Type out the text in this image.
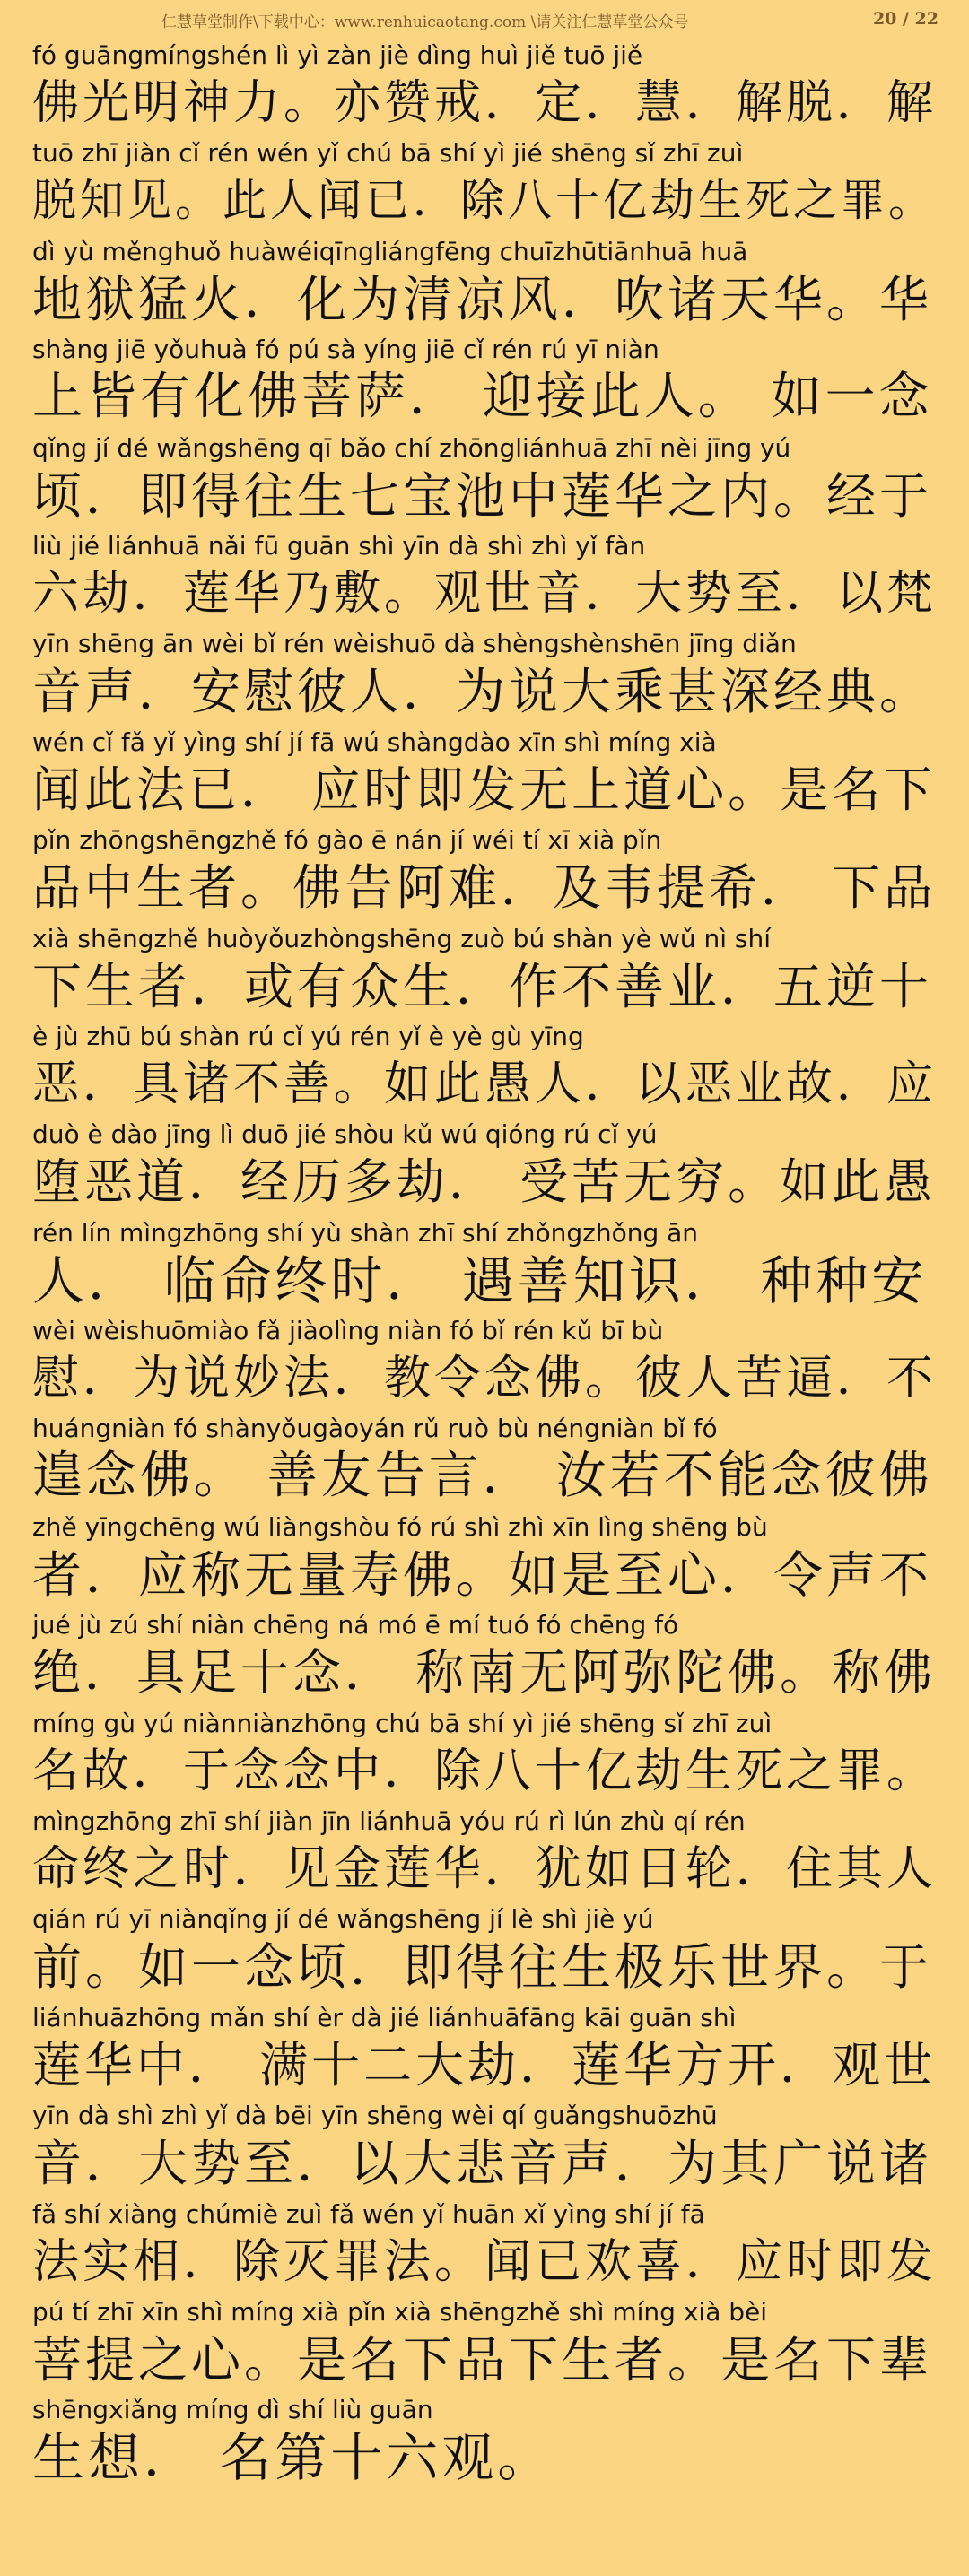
仁慧草堂制作\下载中心：www.renhuicaotang.com \请关注仁慧草堂公众号	20 / 22
fó guāngmíngshén lì yì zàn jiè dìng huì jiě tuō jiě
佛光明神力。亦赞戒．定．慧．解脱．解
tuō zhī jiàn cǐ rén wén yǐ chú bā shí yì jié shēng sǐ zhī zuì
脱知见。此人闻已．除八十亿劫生死之罪。
dì yù měnghuǒ huàwéiqīngliángfēng chuīzhūtiānhuā huā
地狱猛火．化为清凉风．吹诸天华。华
shàng jiē yǒuhuà fó pú sà yíng jiē cǐ rén rú yī niàn
上皆有化佛菩萨． 迎接此人。 如一念
qǐng jí dé wǎngshēng qī bǎo chí zhōngliánhuā zhī nèi jīng yú
顷．即得往生七宝池中莲华之内。经于
liù jié liánhuā nǎi fū guān shì yīn dà shì zhì yǐ fàn
六劫．莲华乃敷。观世音．大势至．以梵
yīn shēng ān wèi bǐ rén wèishuō dà shèngshènshēn jīng diǎn
音声．安慰彼人．为说大乘甚深经典。
wén cǐ fǎ yǐ yìng shí jí fā wú shàngdào xīn shì míng xià
闻此法已． 应时即发无上道心。是名下
pǐn zhōngshēngzhě fó gào ē nán jí wéi tí xī xià pǐn
品中生者。佛告阿难．及韦提希． 下品
xià shēngzhě huòyǒuzhòngshēng zuò bú shàn yè wǔ nì shí
下生者．或有众生．作不善业．五逆十
è jù zhū bú shàn rú cǐ yú rén yǐ è yè gù yīng
恶．具诸不善。如此愚人．以恶业故．应
duò è dào jīng lì duō jié shòu kǔ wú qióng rú cǐ yú
堕恶道．经历多劫． 受苦无穷。如此愚
rén lín mìngzhōng shí yù shàn zhī shí zhǒngzhǒng ān
人． 临命终时． 遇善知识． 种种安
wèi wèishuōmiào fǎ jiàolìng niàn fó bǐ rén kǔ bī bù
慰．为说妙法．教令念佛。彼人苦逼．不
huángniàn fó shànyǒugàoyán rǔ ruò bù néngniàn bǐ fó
遑念佛。 善友告言． 汝若不能念彼佛
zhě yīngchēng wú liàngshòu fó rú shì zhì xīn lìng shēng bù
者．应称无量寿佛。如是至心．令声不
jué jù zú shí niàn chēng ná mó ē mí tuó fó chēng fó
绝．具足十念． 称南无阿弥陀佛。称佛
míng gù yú niànniànzhōng chú bā shí yì jié shēng sǐ zhī zuì
名故．于念念中．除八十亿劫生死之罪。
mìngzhōng zhī shí jiàn jīn liánhuā yóu rú rì lún zhù qí rén
命终之时．见金莲华．犹如日轮．住其人
qián rú yī niànqǐng jí dé wǎngshēng jí lè shì jiè yú
前。如一念顷．即得往生极乐世界。于
liánhuāzhōng mǎn shí èr dà jié liánhuāfāng kāi guān shì
莲华中． 满十二大劫．莲华方开．观世
yīn dà shì zhì yǐ dà bēi yīn shēng wèi qí guǎngshuōzhū
音．大势至．以大悲音声．为其广说诸
fǎ shí xiàng chúmiè zuì fǎ wén yǐ huān xǐ yìng shí jí fā
法实相．除灭罪法。闻已欢喜．应时即发
pú tí zhī xīn shì míng xià pǐn xià shēngzhě shì míng xià bèi
菩提之心。是名下品下生者。是名下辈
shēngxiǎng míng dì shí liù guān
生想． 名第十六观。
